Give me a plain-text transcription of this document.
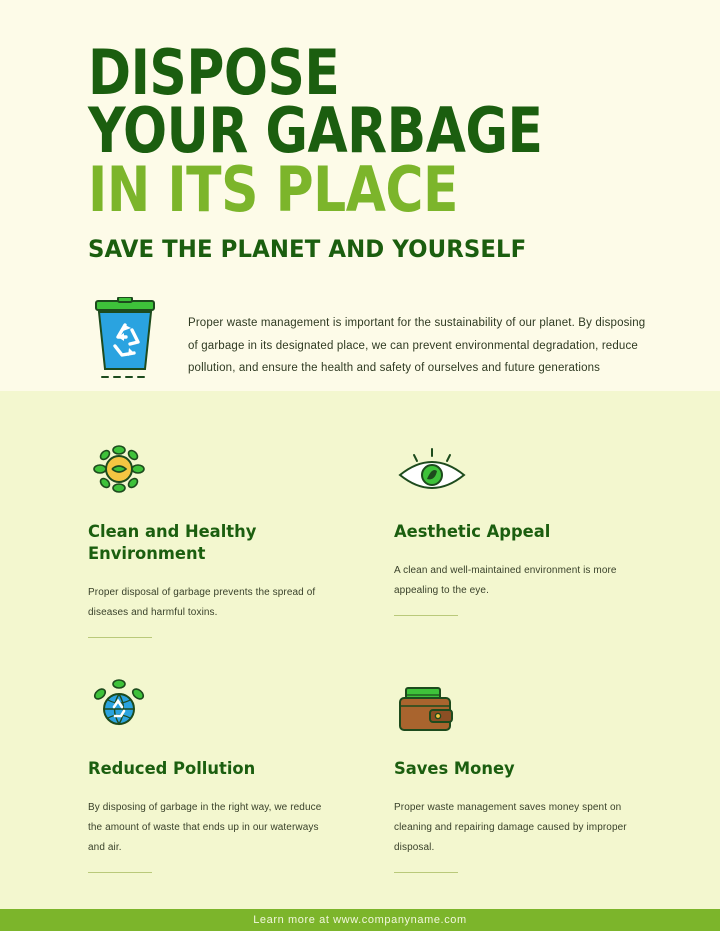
DISPOSE
YOUR GARBAGE
IN ITS PLACE
SAVE THE PLANET AND YOURSELF

Proper waste management is important for the sustainability of our planet. By disposing of garbage in its designated place, we can prevent environmental degradation, reduce pollution, and ensure the health and safety of ourselves and future generations

Clean and Healthy Environment

Proper disposal of garbage prevents the spread of diseases and harmful toxins.

Aesthetic Appeal

A clean and well-maintained environment is more appealing to the eye.

Reduced Pollution

By disposing of garbage in the right way, we reduce the amount of waste that ends up in our waterways and air.

Saves Money

Proper waste management saves money spent on cleaning and repairing damage caused by improper disposal.

Learn more at www.companyname.com
